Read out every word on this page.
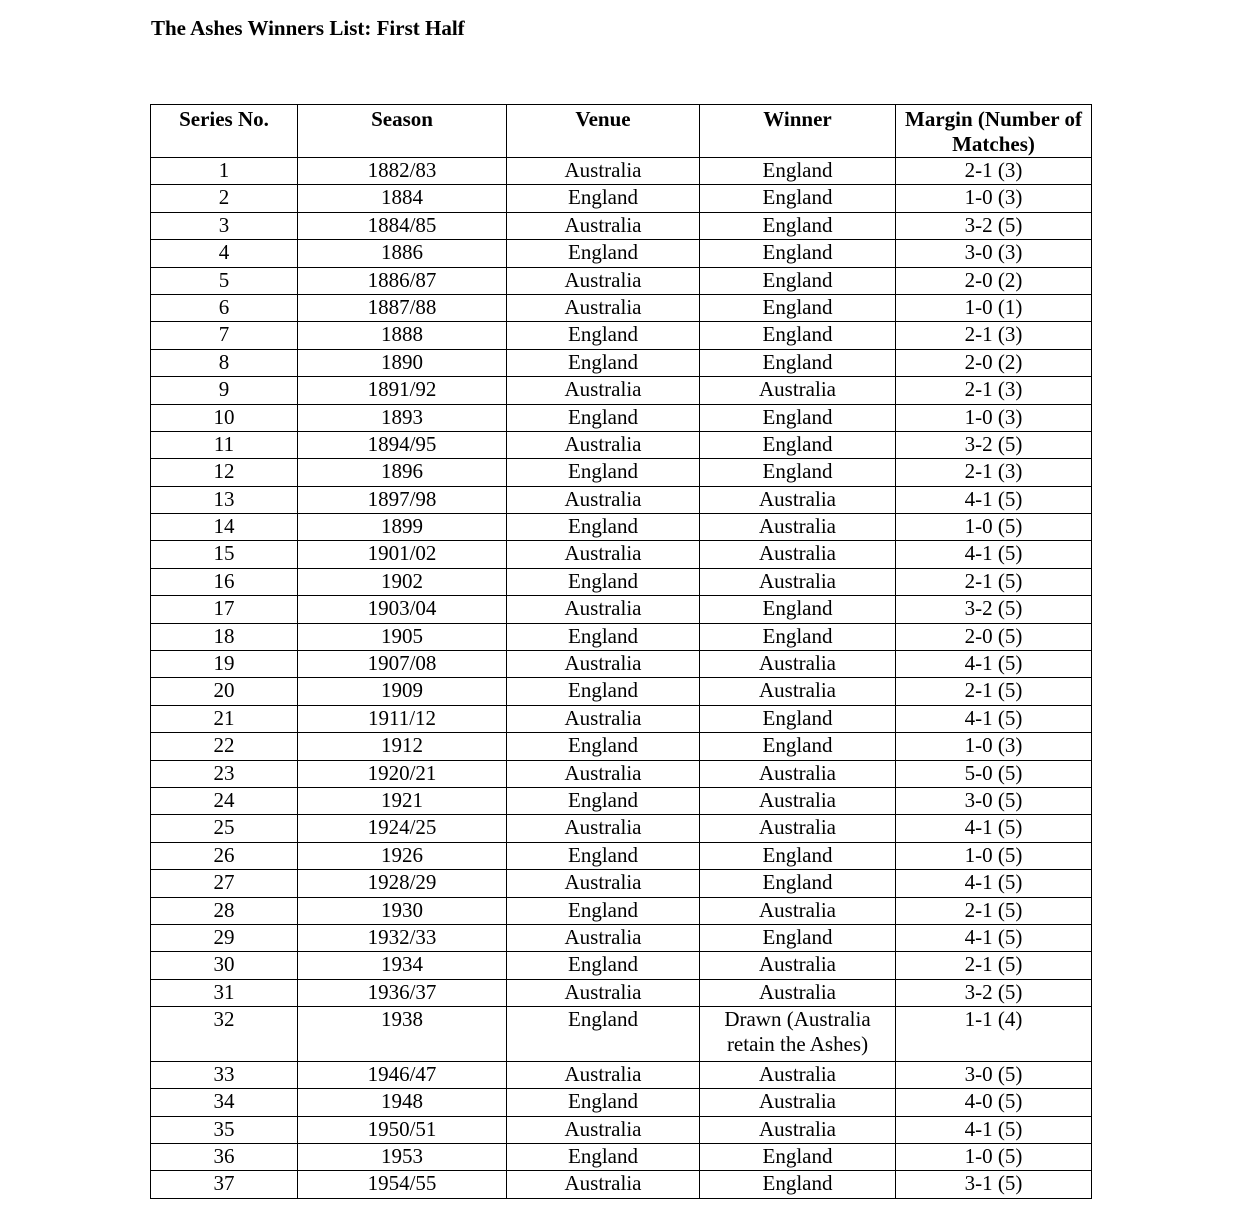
The Ashes Winners List: First Half
Series No.	Season	Venue	Winner	Margin (Number of Matches)
1	1882/83	Australia	England	2-1 (3)
2	1884	England	England	1-0 (3)
3	1884/85	Australia	England	3-2 (5)
4	1886	England	England	3-0 (3)
5	1886/87	Australia	England	2-0 (2)
6	1887/88	Australia	England	1-0 (1)
7	1888	England	England	2-1 (3)
8	1890	England	England	2-0 (2)
9	1891/92	Australia	Australia	2-1 (3)
10	1893	England	England	1-0 (3)
11	1894/95	Australia	England	3-2 (5)
12	1896	England	England	2-1 (3)
13	1897/98	Australia	Australia	4-1 (5)
14	1899	England	Australia	1-0 (5)
15	1901/02	Australia	Australia	4-1 (5)
16	1902	England	Australia	2-1 (5)
17	1903/04	Australia	England	3-2 (5)
18	1905	England	England	2-0 (5)
19	1907/08	Australia	Australia	4-1 (5)
20	1909	England	Australia	2-1 (5)
21	1911/12	Australia	England	4-1 (5)
22	1912	England	England	1-0 (3)
23	1920/21	Australia	Australia	5-0 (5)
24	1921	England	Australia	3-0 (5)
25	1924/25	Australia	Australia	4-1 (5)
26	1926	England	England	1-0 (5)
27	1928/29	Australia	England	4-1 (5)
28	1930	England	Australia	2-1 (5)
29	1932/33	Australia	England	4-1 (5)
30	1934	England	Australia	2-1 (5)
31	1936/37	Australia	Australia	3-2 (5)
32	1938	England	Drawn (Australia retain the Ashes)	1-1 (4)
33	1946/47	Australia	Australia	3-0 (5)
34	1948	England	Australia	4-0 (5)
35	1950/51	Australia	Australia	4-1 (5)
36	1953	England	England	1-0 (5)
37	1954/55	Australia	England	3-1 (5)
